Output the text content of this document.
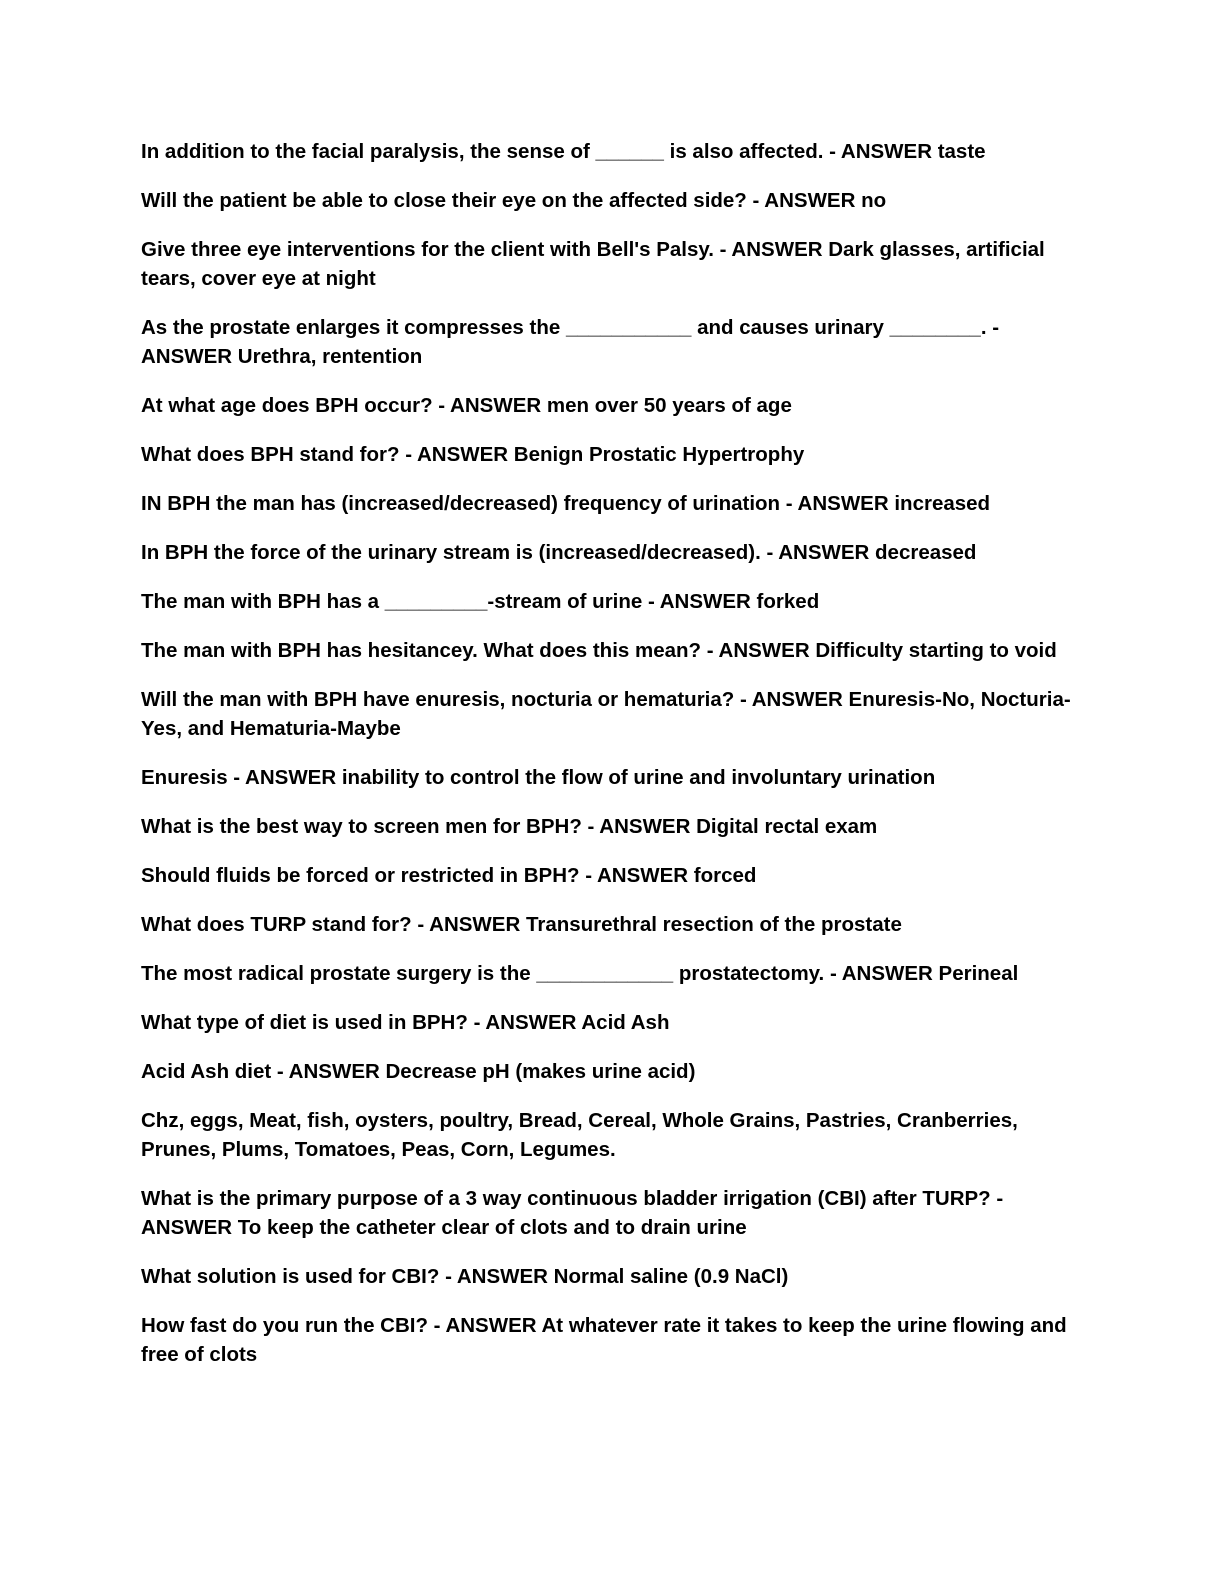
In addition to the facial paralysis, the sense of ______ is also affected. - ANSWER taste
Will the patient be able to close their eye on the affected side? - ANSWER no
Give three eye interventions for the client with Bell's Palsy. - ANSWER Dark glasses, artificial tears, cover eye at night
As the prostate enlarges it compresses the ___________ and causes urinary ________. - ANSWER Urethra, rentention
At what age does BPH occur? - ANSWER men over 50 years of age
What does BPH stand for? - ANSWER Benign Prostatic Hypertrophy
IN BPH the man has (increased/decreased) frequency of urination - ANSWER increased
In BPH the force of the urinary stream is (increased/decreased). - ANSWER decreased
The man with BPH has a _________-stream of urine - ANSWER forked
The man with BPH has hesitancey. What does this mean? - ANSWER Difficulty starting to void
Will the man with BPH have enuresis, nocturia or hematuria? - ANSWER Enuresis-No, Nocturia-Yes, and Hematuria-Maybe
Enuresis - ANSWER inability to control the flow of urine and involuntary urination
What is the best way to screen men for BPH? - ANSWER Digital rectal exam
Should fluids be forced or restricted in BPH? - ANSWER forced
What does TURP stand for? - ANSWER Transurethral resection of the prostate
The most radical prostate surgery is the ____________ prostatectomy. - ANSWER Perineal
What type of diet is used in BPH? - ANSWER Acid Ash
Acid Ash diet - ANSWER Decrease pH (makes urine acid)
Chz, eggs, Meat, fish, oysters, poultry, Bread, Cereal, Whole Grains, Pastries, Cranberries, Prunes, Plums, Tomatoes, Peas, Corn, Legumes.
What is the primary purpose of a 3 way continuous bladder irrigation (CBI) after TURP? - ANSWER To keep the catheter clear of clots and to drain urine
What solution is used for CBI? - ANSWER Normal saline (0.9 NaCl)
How fast do you run the CBI? - ANSWER At whatever rate it takes to keep the urine flowing and free of clots
